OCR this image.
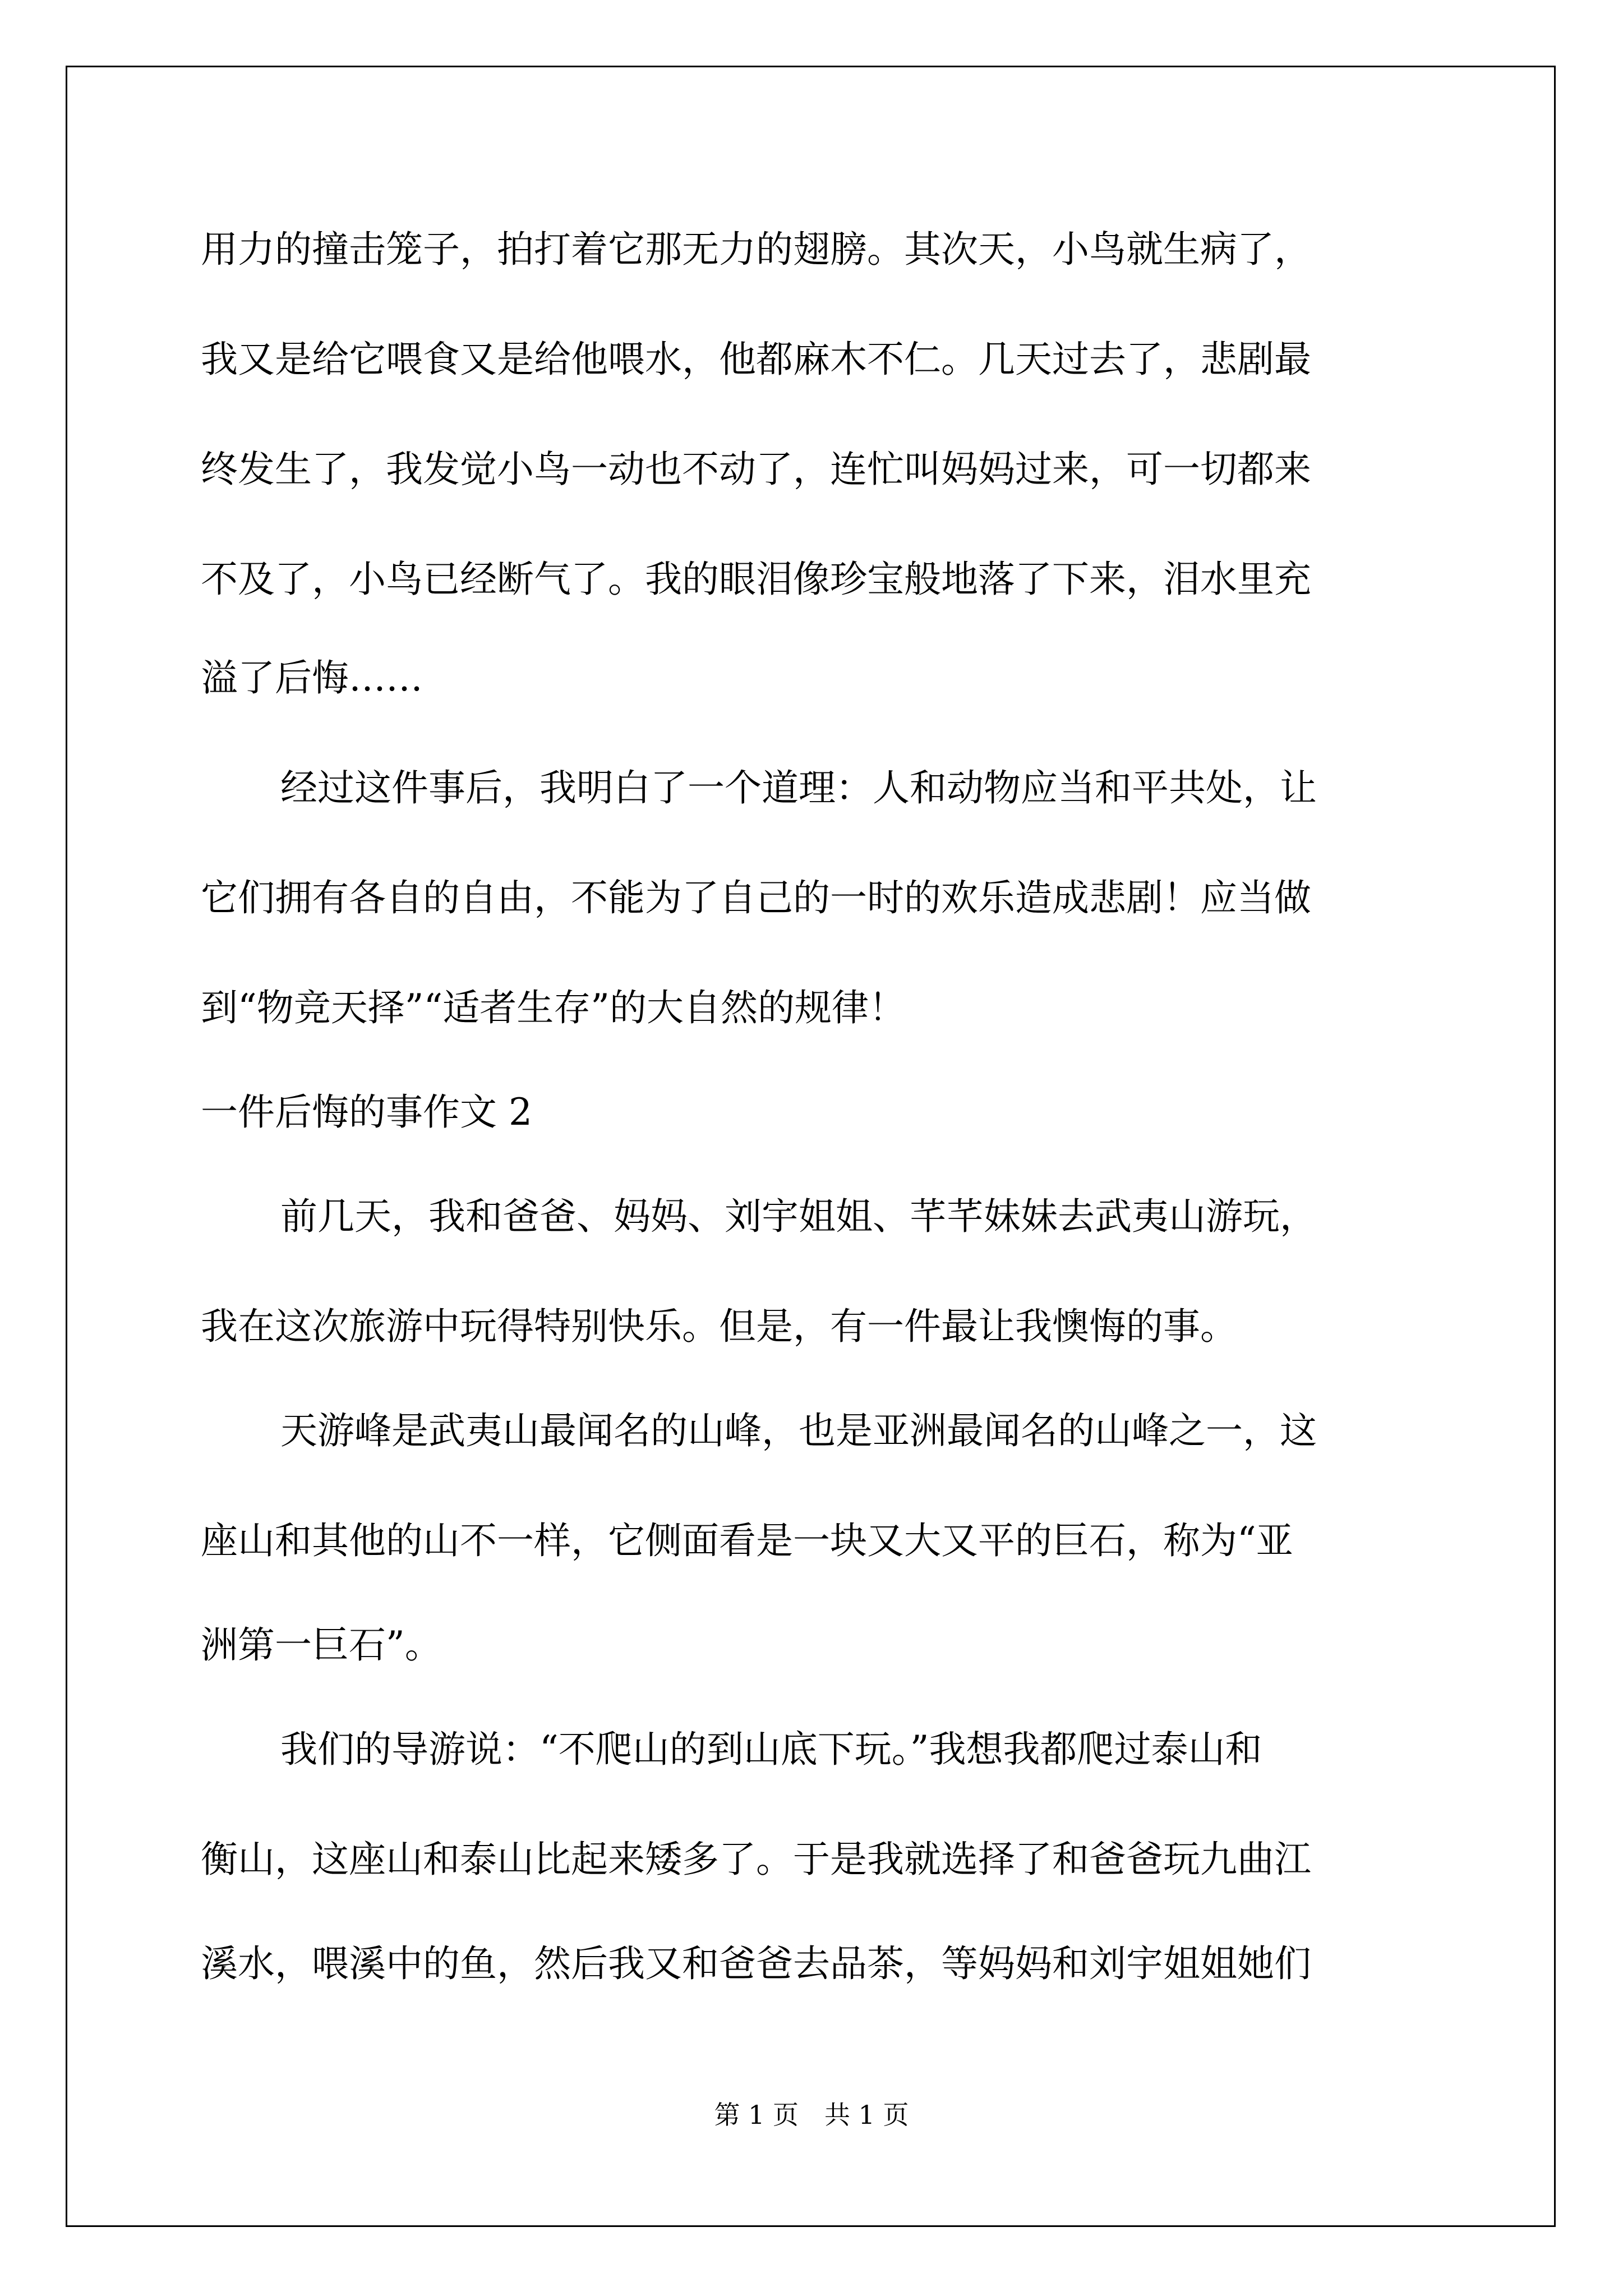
用力的撞击笼子，拍打着它那无力的翅膀。其次天，小鸟就生病了，
我又是给它喂食又是给他喂水，他都麻木不仁。几天过去了，悲剧最
终发生了，我发觉小鸟一动也不动了，连忙叫妈妈过来，可一切都来
不及了，小鸟已经断气了。我的眼泪像珍宝般地落了下来，泪水里充
溢了后悔……
经过这件事后，我明白了一个道理：人和动物应当和平共处，让
它们拥有各自的自由，不能为了自己的一时的欢乐造成悲剧！应当做
到“物竞天择”“适者生存”的大自然的规律！
一件后悔的事作文 2
前几天，我和爸爸、妈妈、刘宇姐姐、芊芊妹妹去武夷山游玩，
我在这次旅游中玩得特别快乐。但是，有一件最让我懊悔的事。
天游峰是武夷山最闻名的山峰，也是亚洲最闻名的山峰之一，这
座山和其他的山不一样，它侧面看是一块又大又平的巨石，称为“亚
洲第一巨石”。
我们的导游说：“不爬山的到山底下玩。”我想我都爬过泰山和
衡山，这座山和泰山比起来矮多了。于是我就选择了和爸爸玩九曲江
溪水，喂溪中的鱼，然后我又和爸爸去品茶，等妈妈和刘宇姐姐她们
第 1 页 共 1 页
